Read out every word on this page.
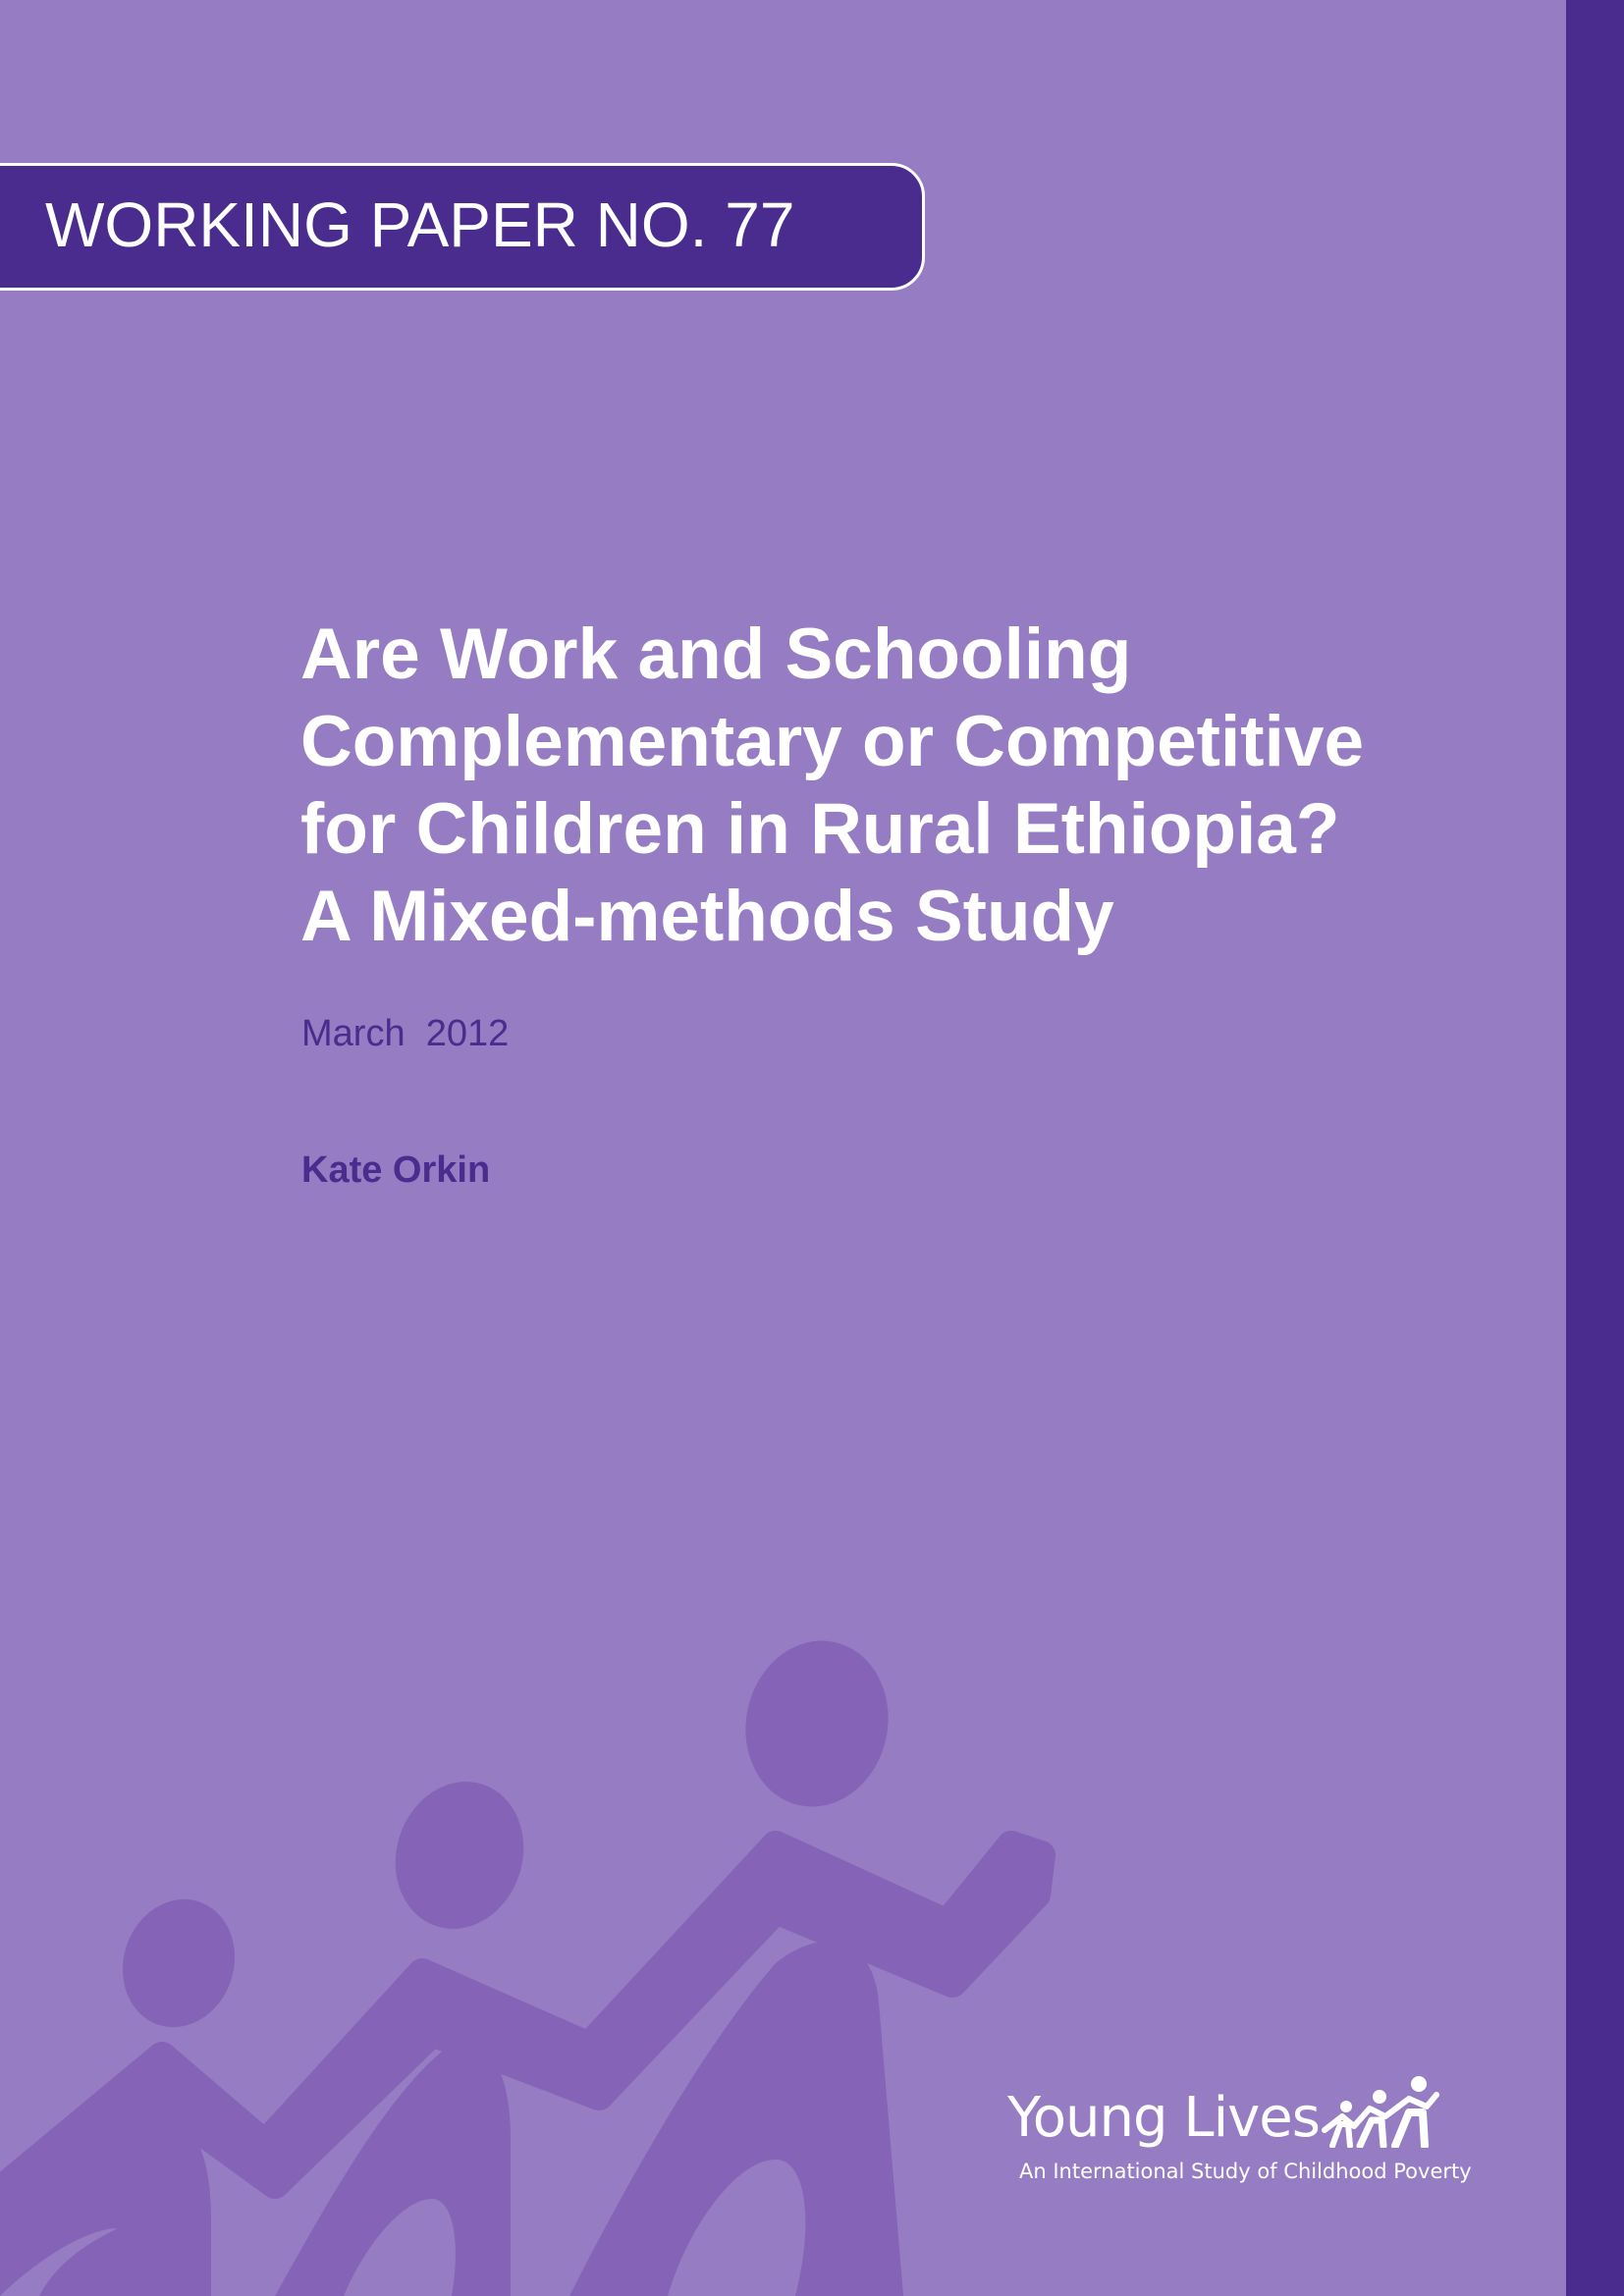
WORKING PAPER NO. 77
Are Work and Schooling
Complementary or Competitive
for Children in Rural Ethiopia?
A Mixed-methods Study
March  2012
Kate Orkin
Young Lives
An International Study of Childhood Poverty
